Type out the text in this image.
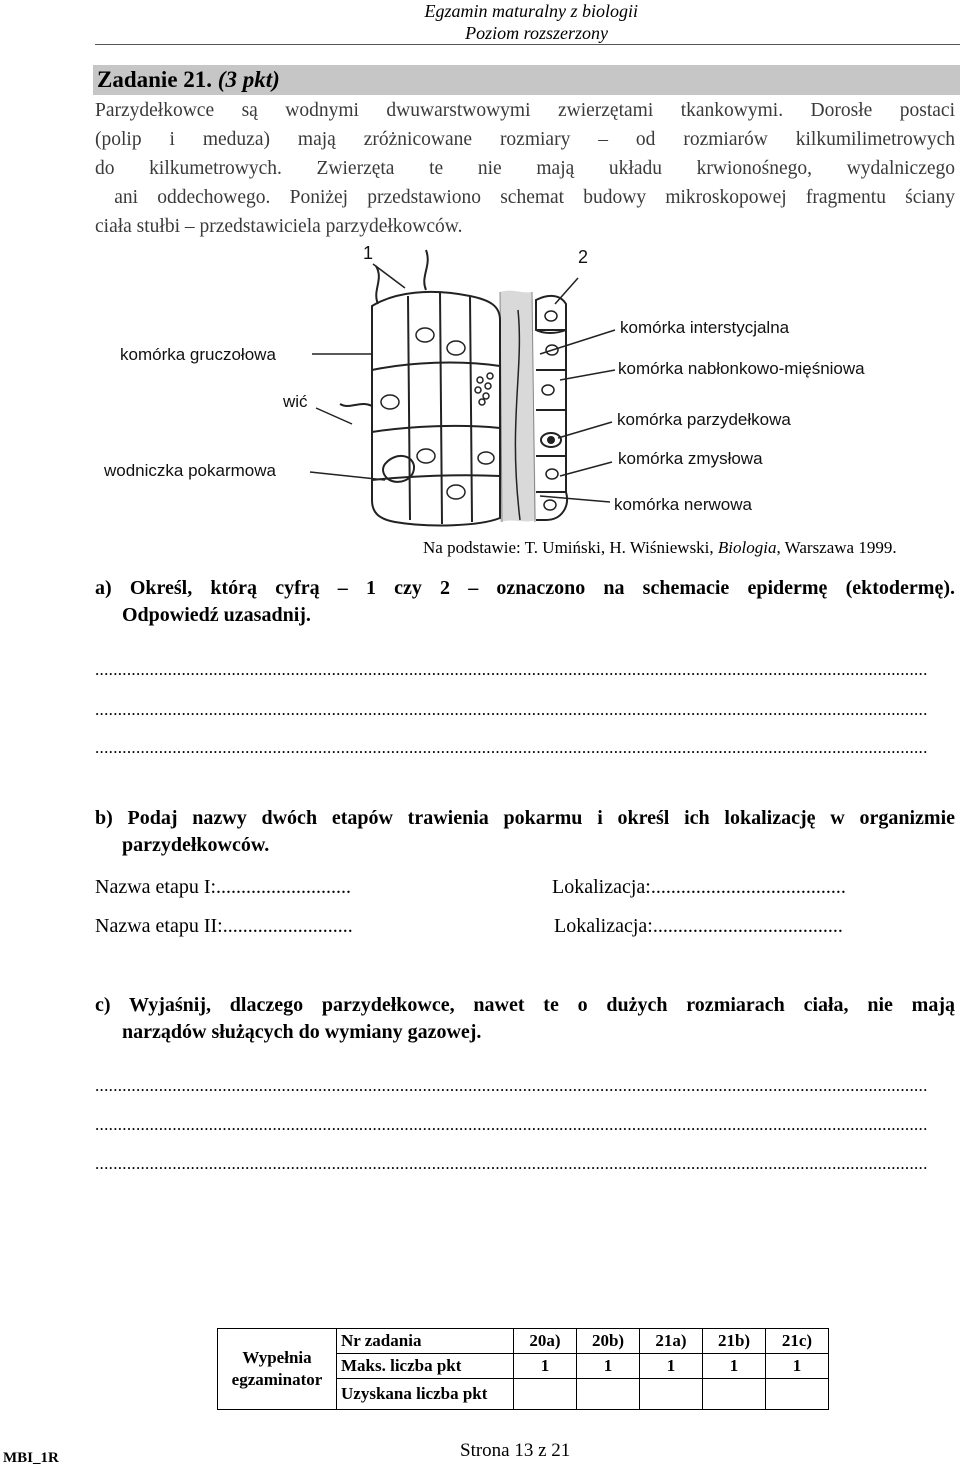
Egzamin maturalny z biologii
Poziom rozszerzony
Zadanie 21. (3 pkt)

Parzydełkowce są wodnymi dwuwarstwowymi zwierzętami tkankowymi. Dorosłe postaci

(polip i meduza) mają zróżnicowane rozmiary – od rozmiarów kilkumilimetrowych

do kilkumetrowych. Zwierzęta te nie mają układu krwionośnego, wydalniczego

ani oddechowego. Poniżej przedstawiono schemat budowy mikroskopowej fragmentu ściany

ciała stułbi – przedstawiciela parzydełkowców.

1	2
komórka gruczołowa
wić
wodniczka pokarmowa
komórka interstycjalna
komórka nabłonkowo-mięśniowa
komórka parzydełkowa
komórka zmysłowa
komórka nerwowa
Na podstawie: T. Umiński, H. Wiśniewski, Biologia, Warszawa 1999.

a) Określ, którą cyfrą – 1 czy 2 – oznaczono na schemacie epidermę (ektodermę).

Odpowiedź uzasadnij.

.......................................................................................................................................................................................
.......................................................................................................................................................................................
.......................................................................................................................................................................................

b) Podaj nazwy dwóch etapów trawienia pokarmu i określ ich lokalizację w organizmie

parzydełkowców.

Nazwa etapu I:...........................	Lokalizacja:.......................................
Nazwa etapu II:..........................	Lokalizacja:......................................

c) Wyjaśnij, dlaczego parzydełkowce, nawet te o dużych rozmiarach ciała, nie mają

narządów służących do wymiany gazowej.

.......................................................................................................................................................................................
.......................................................................................................................................................................................
.......................................................................................................................................................................................
Wypełnia egzaminator	Nr zadania	20a)	20b)	21a)	21b)	21c)
	Maks. liczba pkt	1	1	1	1	1
	Uzyskana liczba pkt					
Strona 13 z 21
MBI_1R
